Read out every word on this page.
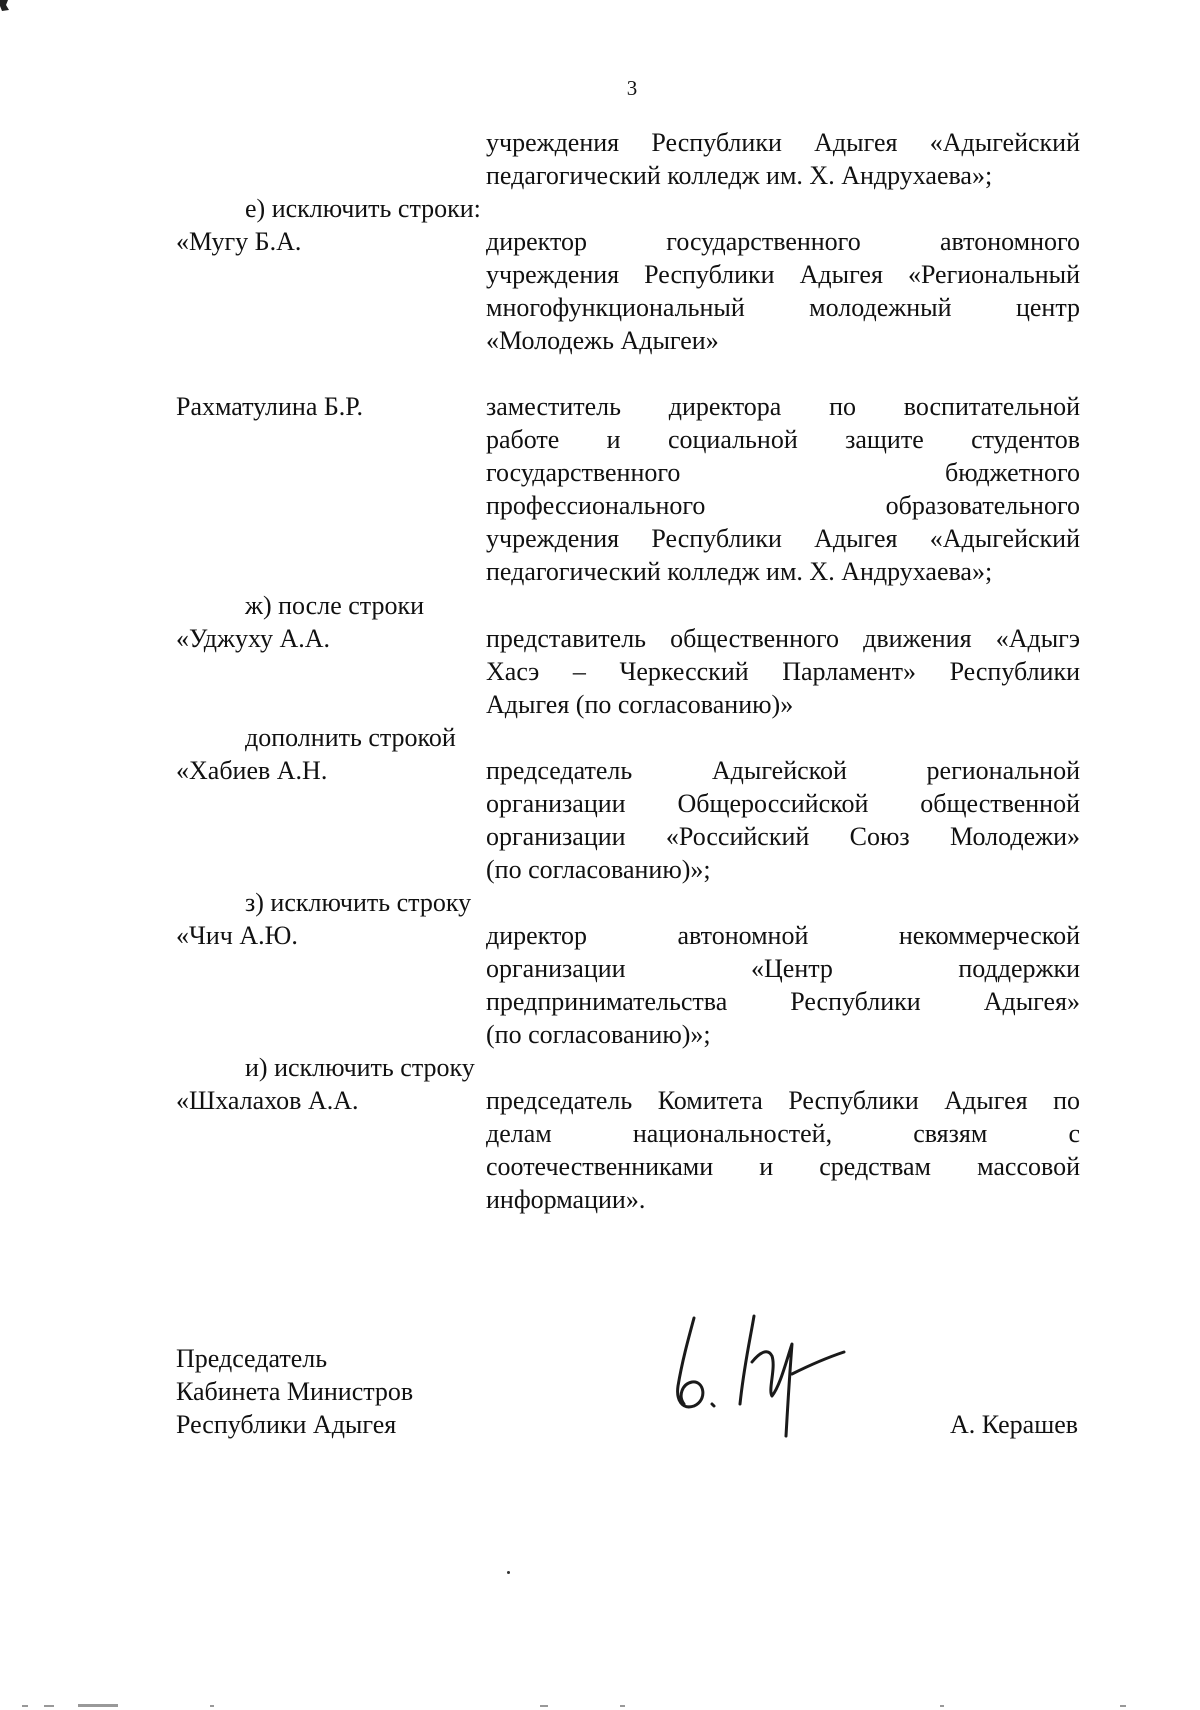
3
учреждения Республики Адыгея «Адыгейский
педагогический колледж им. Х. Андрухаева»;
е) исключить строки:
«Мугу Б.А.	директор государственного автономного
учреждения Республики Адыгея «Региональный
многофункциональный молодежный центр
«Молодежь Адыгеи»
Рахматулина Б.Р.	заместитель директора по воспитательной
работе и социальной защите студентов
государственного бюджетного
профессионального образовательного
учреждения Республики Адыгея «Адыгейский
педагогический колледж им. Х. Андрухаева»;
ж) после строки
«Уджуху А.А.	представитель общественного движения «Адыгэ
Хасэ – Черкесский Парламент» Республики
Адыгея (по согласованию)»
дополнить строкой
«Хабиев А.Н.	председатель Адыгейской региональной
организации Общероссийской общественной
организации «Российский Союз Молодежи»
(по согласованию)»;
з) исключить строку
«Чич А.Ю.	директор автономной некоммерческой
организации «Центр поддержки
предпринимательства Республики Адыгея»
(по согласованию)»;
и) исключить строку
«Шхалахов А.А.	председатель Комитета Республики Адыгея по
делам национальностей, связям с
соотечественниками и средствам массовой
информации».
Председатель
Кабинета Министров
Республики Адыгея	А. Керашев
